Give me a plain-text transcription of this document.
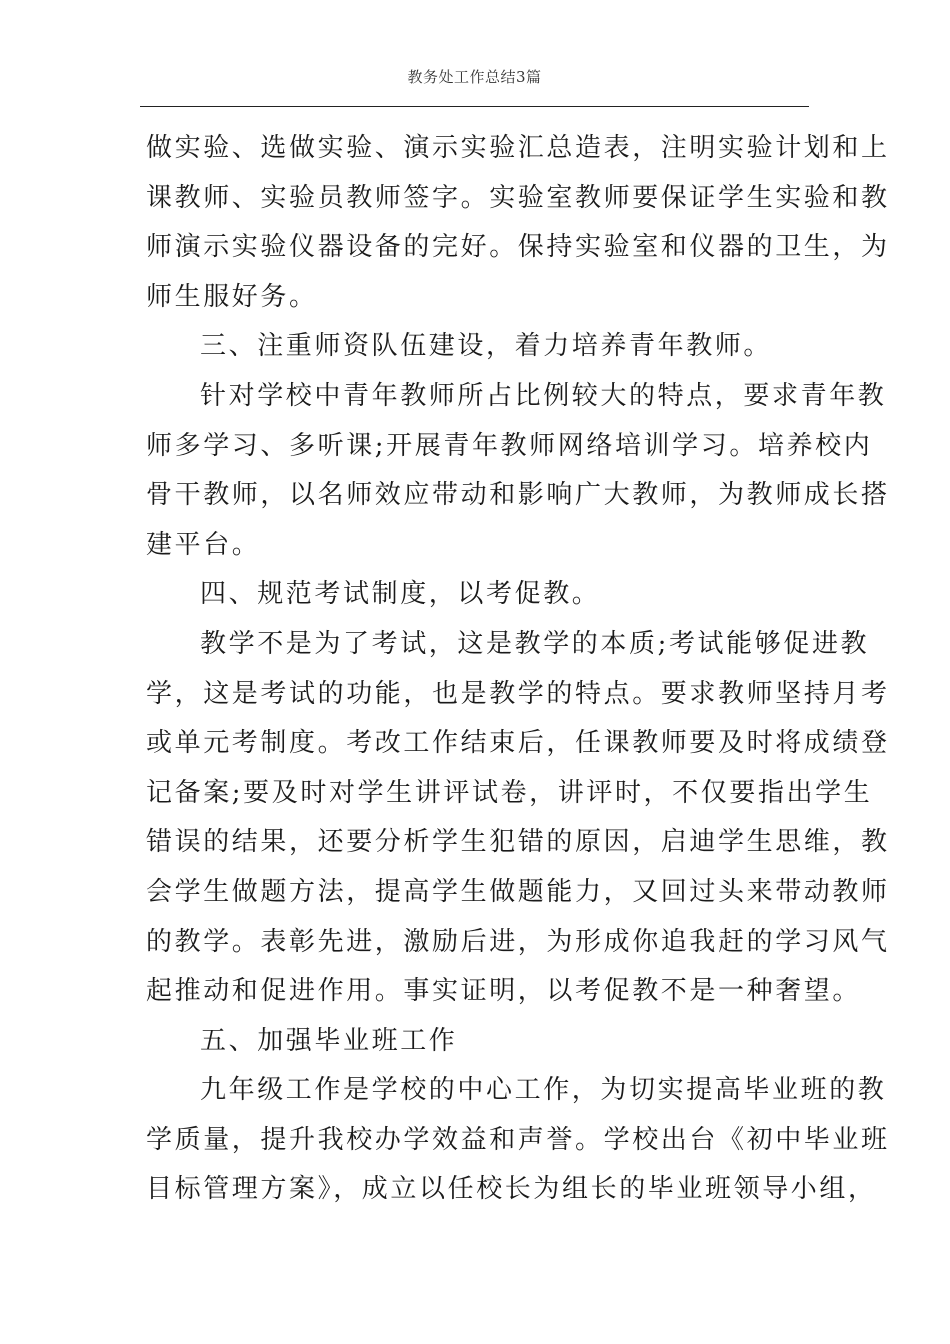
教务处工作总结3篇
做实验、选做实验、演示实验汇总造表，注明实验计划和上
课教师、实验员教师签字。实验室教师要保证学生实验和教
师演示实验仪器设备的完好。保持实验室和仪器的卫生，为
师生服好务。
三、注重师资队伍建设，着力培养青年教师。
针对学校中青年教师所占比例较大的特点，要求青年教
师多学习、多听课;开展青年教师网络培训学习。培养校内
骨干教师，以名师效应带动和影响广大教师，为教师成长搭
建平台。
四、规范考试制度，以考促教。
教学不是为了考试，这是教学的本质;考试能够促进教
学，这是考试的功能，也是教学的特点。要求教师坚持月考
或单元考制度。考改工作结束后，任课教师要及时将成绩登
记备案;要及时对学生讲评试卷，讲评时，不仅要指出学生
错误的结果，还要分析学生犯错的原因，启迪学生思维，教
会学生做题方法，提高学生做题能力，又回过头来带动教师
的教学。表彰先进，激励后进，为形成你追我赶的学习风气
起推动和促进作用。事实证明，以考促教不是一种奢望。
五、加强毕业班工作
九年级工作是学校的中心工作，为切实提高毕业班的教
学质量，提升我校办学效益和声誉。学校出台《初中毕业班
目标管理方案》，成立以任校长为组长的毕业班领导小组，
